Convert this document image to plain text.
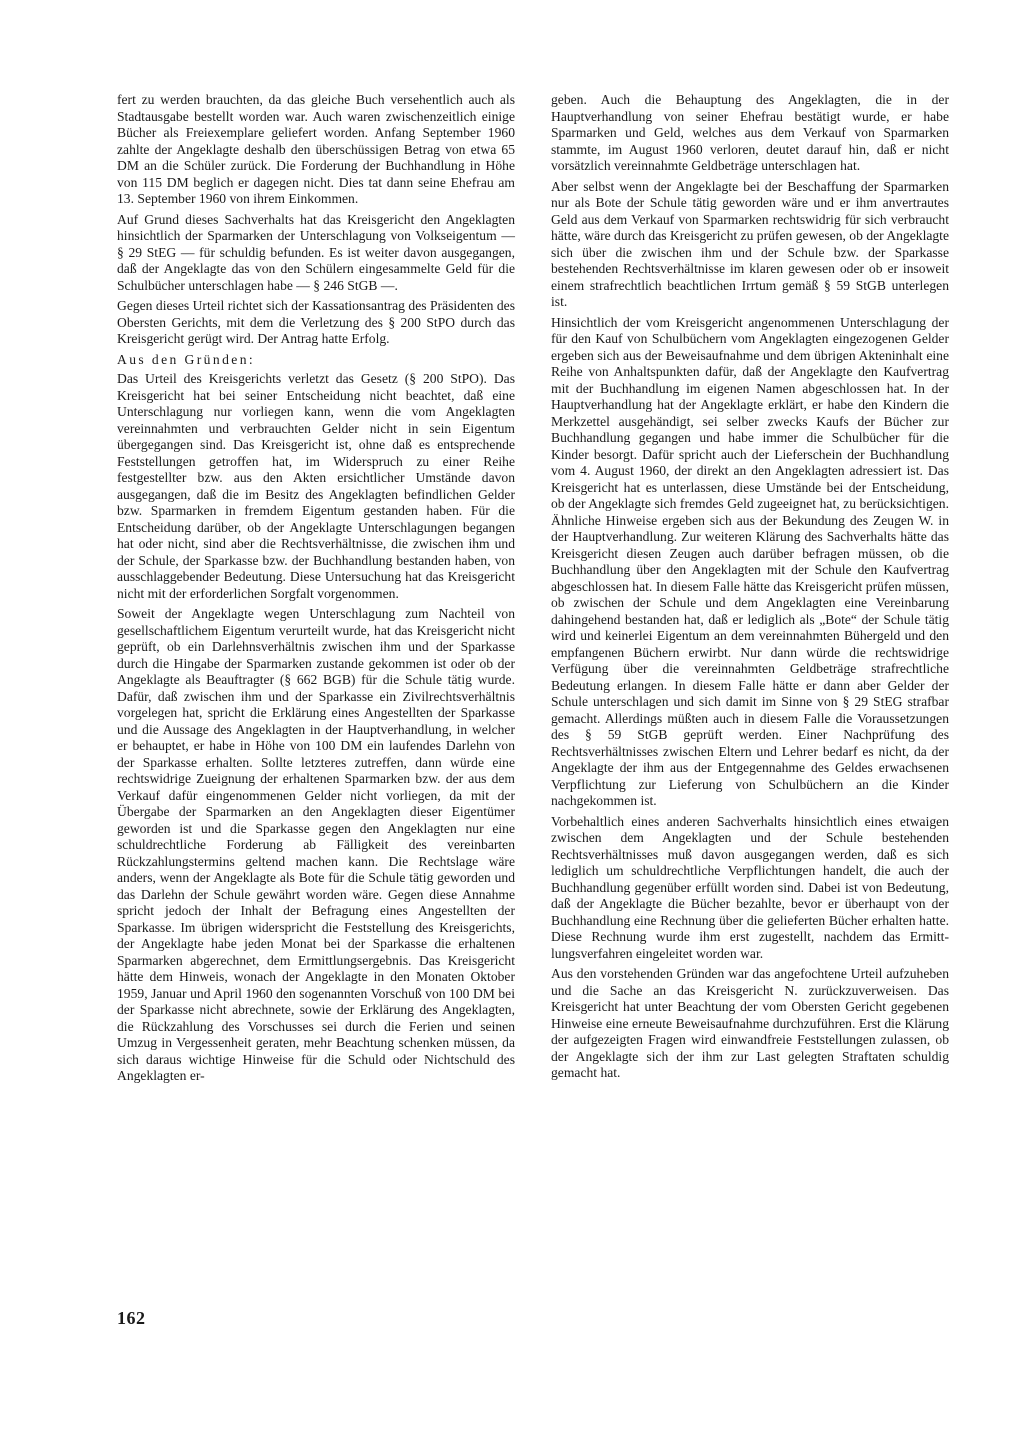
fert zu werden brauchten, da das gleiche Buch versehentlich auch als Stadtausgabe bestellt worden war. Auch waren zwischenzeitlich einige Bücher als Freiexemplare geliefert worden. Anfang September 1960 zahlte der Angeklagte deshalb den überschüssigen Betrag von etwa 65 DM an die Schüler zurück. Die Forderung der Buchhandlung in Höhe von 115 DM beglich er dagegen nicht. Dies tat dann seine Ehefrau am 13. September 1960 von ihrem Einkommen.

Auf Grund dieses Sachverhalts hat das Kreisgericht den Angeklagten hinsichtlich der Sparmarken der Unterschlagung von Volkseigentum — § 29 StEG — für schuldig befunden. Es ist weiter davon ausgegangen, daß der Angeklagte das von den Schülern eingesammelte Geld für die Schulbücher unterschlagen habe — § 246 StGB —.

Gegen dieses Urteil richtet sich der Kassationsantrag des Präsidenten des Obersten Gerichts, mit dem die Verletzung des § 200 StPO durch das Kreisgericht gerügt wird. Der Antrag hatte Erfolg.

Aus den Gründen:

Das Urteil des Kreisgerichts verletzt das Gesetz (§ 200 StPO). Das Kreisgericht hat bei seiner Entscheidung nicht beachtet, daß eine Unterschlagung nur vorliegen kann, wenn die vom Angeklagten vereinnahmten und verbrauchten Gelder nicht in sein Eigentum übergegangen sind. Das Kreisgericht ist, ohne daß es entsprechende Feststellungen getroffen hat, im Widerspruch zu einer Reihe festgestellter bzw. aus den Akten ersichtlicher Umstände davon ausgegangen, daß die im Besitz des Angeklagten befindlichen Gelder bzw. Sparmarken in fremdem Eigentum gestanden haben. Für die Entscheidung darüber, ob der Angeklagte Unterschlagungen begangen hat oder nicht, sind aber die Rechtsverhältnisse, die zwischen ihm und der Schule, der Sparkasse bzw. der Buchhandlung bestanden haben, von ausschlaggebender Bedeutung. Diese Untersuchung hat das Kreisgericht nicht mit der erforderlichen Sorgfalt vorgenommen.

Soweit der Angeklagte wegen Unterschlagung zum Nachteil von gesellschaftlichem Eigentum verurteilt wurde, hat das Kreisgericht nicht geprüft, ob ein Darlehnsverhältnis zwischen ihm und der Sparkasse durch die Hingabe der Sparmarken zustande gekommen ist oder ob der Angeklagte als Beauftragter (§ 662 BGB) für die Schule tätig wurde. Dafür, daß zwischen ihm und der Sparkasse ein Zivilrechtsverhältnis vorgelegen hat, spricht die Erklärung eines Angestellten der Sparkasse und die Aussage des Angeklagten in der Hauptverhandlung, in welcher er behauptet, er habe in Höhe von 100 DM ein laufendes Darlehn von der Sparkasse erhalten. Sollte letzteres zutreffen, dann würde eine rechtswidrige Zueignung der erhaltenen Sparmarken bzw. der aus dem Verkauf dafür eingenommenen Gelder nicht vorliegen, da mit der Übergabe der Sparmarken an den Angeklagten dieser Eigentümer geworden ist und die Sparkasse gegen den Angeklagten nur eine schuldrechtliche Forderung ab Fälligkeit des vereinbarten Rückzahlungstermins geltend machen kann. Die Rechtslage wäre anders, wenn der Angeklagte als Bote für die Schule tätig geworden und das Darlehn der Schule gewährt worden wäre. Gegen diese Annahme spricht jedoch der Inhalt der Befragung eines Angestellten der Sparkasse. Im übrigen widerspricht die Feststellung des Kreisgerichts, der Angeklagte habe jeden Monat bei der Sparkasse die erhaltenen Sparmarken abgerechnet, dem Ermittlungsergebnis. Das Kreisgericht hätte dem Hinweis, wonach der Angeklagte in den Monaten Oktober 1959, Januar und April 1960 den sogenannten Vorschuß von 100 DM bei der Sparkasse nicht abrechnete, sowie der Erklärung des Angeklagten, die Rückzahlung des Vorschusses sei durch die Ferien und seinen Umzug in Vergessenheit geraten, mehr Beachtung schenken müssen, da sich daraus wichtige Hinweise für die Schuld oder Nichtschuld des Angeklagten er-

geben. Auch die Behauptung des Angeklagten, die in der Hauptverhandlung von seiner Ehefrau bestätigt wurde, er habe Sparmarken und Geld, welches aus dem Verkauf von Sparmarken stammte, im August 1960 verloren, deutet darauf hin, daß er nicht vorsätzlich vereinnahmte Geldbeträge unterschlagen hat.

Aber selbst wenn der Angeklagte bei der Beschaffung der Sparmarken nur als Bote der Schule tätig geworden wäre und er ihm anvertrautes Geld aus dem Verkauf von Sparmarken rechtswidrig für sich verbraucht hätte, wäre durch das Kreisgericht zu prüfen gewesen, ob der Angeklagte sich über die zwischen ihm und der Schule bzw. der Sparkasse bestehenden Rechtsverhältnisse im klaren gewesen oder ob er insoweit einem strafrechtlich beachtlichen Irrtum gemäß § 59 StGB unterlegen ist.

Hinsichtlich der vom Kreisgericht angenommenen Unterschlagung der für den Kauf von Schulbüchern vom Angeklagten eingezogenen Gelder ergeben sich aus der Beweisaufnahme und dem übrigen Akteninhalt eine Reihe von Anhaltspunkten dafür, daß der Angeklagte den Kaufvertrag mit der Buchhandlung im eigenen Namen abgeschlossen hat. In der Hauptverhandlung hat der Angeklagte erklärt, er habe den Kindern die Merkzettel ausgehändigt, sei selber zwecks Kaufs der Bücher zur Buchhandlung gegangen und habe immer die Schulbücher für die Kinder besorgt. Dafür spricht auch der Lieferschein der Buchhandlung vom 4. August 1960, der direkt an den Angeklagten adressiert ist. Das Kreisgericht hat es unterlassen, diese Umstände bei der Entscheidung, ob der Angeklagte sich fremdes Geld zugeeignet hat, zu berücksichtigen. Ähnliche Hinweise ergeben sich aus der Bekundung des Zeugen W. in der Hauptverhandlung. Zur weiteren Klärung des Sachverhalts hätte das Kreisgericht diesen Zeugen auch darüber befragen müssen, ob die Buchhandlung über den Angeklagten mit der Schule den Kaufvertrag abgeschlossen hat. In diesem Falle hätte das Kreisgericht prüfen müssen, ob zwischen der Schule und dem Angeklagten eine Vereinbarung dahingehend bestanden hat, daß er lediglich als „Bote“ der Schule tätig wird und keinerlei Eigentum an dem vereinnahmten Bühergeld und den empfangenen Büchern erwirbt. Nur dann würde die rechtswidrige Verfügung über die vereinnahmten Geldbeträge strafrechtliche Bedeutung erlangen. In diesem Falle hätte er dann aber Gelder der Schule unterschlagen und sich damit im Sinne von § 29 StEG strafbar gemacht. Allerdings müßten auch in diesem Falle die Voraussetzungen des § 59 StGB geprüft werden. Einer Nachprüfung des Rechtsverhältnisses zwischen Eltern und Lehrer bedarf es nicht, da der Angeklagte der ihm aus der Entgegennahme des Geldes erwachsenen Verpflichtung zur Lieferung von Schulbüchern an die Kinder nachgekommen ist.

Vorbehaltlich eines anderen Sachverhalts hinsichtlich eines etwaigen zwischen dem Angeklagten und der Schule bestehenden Rechtsverhältnisses muß davon ausgegangen werden, daß es sich lediglich um schuldrechtliche Verpflichtungen handelt, die auch der Buchhandlung gegenüber erfüllt worden sind. Dabei ist von Bedeutung, daß der Angeklagte die Bücher bezahlte, bevor er überhaupt von der Buchhandlung eine Rechnung über die gelieferten Bücher erhalten hatte. Diese Rechnung wurde ihm erst zugestellt, nachdem das Ermittlungsverfahren eingeleitet worden war.

Aus den vorstehenden Gründen war das angefochtene Urteil aufzuheben und die Sache an das Kreisgericht N. zurückzuverweisen. Das Kreisgericht hat unter Beachtung der vom Obersten Gericht gegebenen Hinweise eine erneute Beweisaufnahme durchzuführen. Erst die Klärung der aufgezeigten Fragen wird einwandfreie Feststellungen zulassen, ob der Angeklagte sich der ihm zur Last gelegten Straftaten schuldig gemacht hat.

162
